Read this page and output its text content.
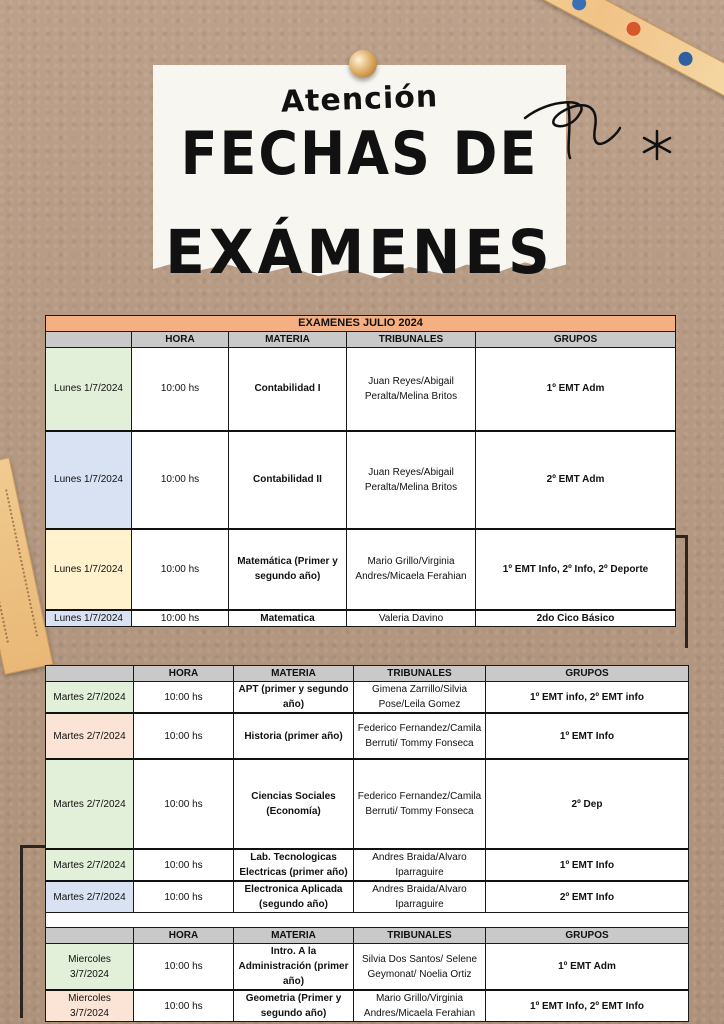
Atención
FECHAS DE
EXÁMENES
EXAMENES JULIO 2024				
	HORA	MATERIA	TRIBUNALES	GRUPOS
Lunes 1/7/2024	10:00 hs	Contabilidad I	Juan Reyes/Abigail Peralta/Melina Britos	1º EMT Adm
Lunes 1/7/2024	10:00 hs	Contabilidad II	Juan Reyes/Abigail Peralta/Melina Britos	2º EMT Adm
Lunes 1/7/2024	10:00 hs	Matemática (Primer y segundo año)	Mario Grillo/Virginia Andres/Micaela Ferahian	1º EMT Info, 2º Info, 2º Deporte
Lunes 1/7/2024	10:00 hs	Matematica	Valeria Davino	2do Cico Básico
	HORA	MATERIA	TRIBUNALES	GRUPOS
Martes 2/7/2024	10:00 hs	APT (primer y segundo año)	Gimena Zarrillo/Silvia Pose/Leila Gomez	1º EMT info, 2º EMT info
Martes 2/7/2024	10:00 hs	Historia (primer año)	Federico Fernandez/Camila Berruti/ Tommy Fonseca	1º EMT Info
Martes 2/7/2024	10:00 hs	Ciencias Sociales (Economía)	Federico Fernandez/Camila Berruti/ Tommy Fonseca	2º Dep
Martes 2/7/2024	10:00 hs	Lab. Tecnologicas Electricas (primer año)	Andres Braida/Alvaro Iparraguire	1º EMT Info
Martes 2/7/2024	10:00 hs	Electronica Aplicada (segundo año)	Andres Braida/Alvaro Iparraguire	2º EMT Info

	HORA	MATERIA	TRIBUNALES	GRUPOS
Miercoles 3/7/2024	10:00 hs	Intro. A la Administración (primer año)	Silvia Dos Santos/ Selene Geymonat/ Noelia Ortiz	1º EMT Adm
Miercoles 3/7/2024	10:00 hs	Geometria (Primer y segundo año)	Mario Grillo/Virginia Andres/Micaela Ferahian	1º EMT Info, 2º EMT Info
